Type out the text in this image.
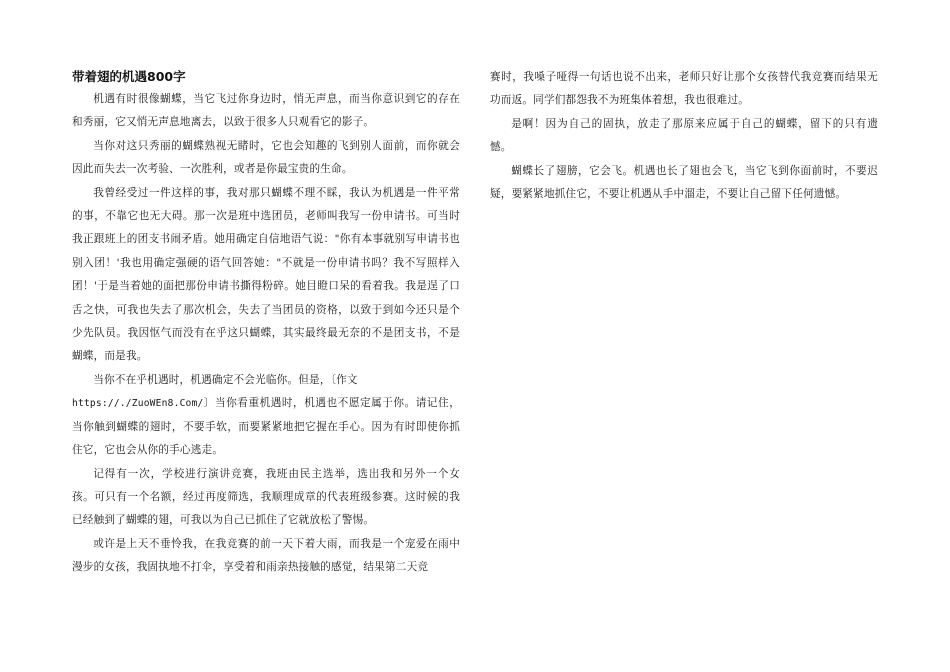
带着翅的机遇800字

机遇有时很像蝴蝶，当它飞过你身边时，悄无声息，而当你意识到它的存在和秀丽，它又悄无声息地离去，以致于很多人只观看它的影子。

当你对这只秀丽的蝴蝶熟视无睹时，它也会知趣的飞到别人面前，而你就会因此而失去一次考验、一次胜利，或者是你最宝贵的生命。

我曾经受过一件这样的事，我对那只蝴蝶不理不睬，我认为机遇是一件平常的事，不靠它也无大碍。那一次是班中选团员，老师叫我写一份申请书。可当时我正跟班上的团支书闹矛盾。她用确定自信地语气说："你有本事就别写申请书也别入团！'我也用确定强硬的语气回答她："不就是一份申请书吗？我不写照样入团！'于是当着她的面把那份申请书撕得粉碎。她目瞪口呆的看着我。我是逞了口舌之快，可我也失去了那次机会，失去了当团员的资格，以致于到如今还只是个少先队员。我因怄气而没有在乎这只蝴蝶，其实最终最无奈的不是团支书，不是蝴蝶，而是我。

当你不在乎机遇时，机遇确定不会光临你。但是，〔作文
https://./ZuoWEn8.Com/〕当你看重机遇时，机遇也不愿定属于你。请记住，当你触到蝴蝶的翅时，不要手软，而要紧紧地把它握在手心。因为有时即使你抓住它，它也会从你的手心逃走。

记得有一次，学校进行演讲竞赛，我班由民主选举，选出我和另外一个女孩。可只有一个名额，经过再度筛选，我顺理成章的代表班级参赛。这时候的我已经触到了蝴蝶的翅，可我以为自己已抓住了它就放松了警惕。

或许是上天不垂怜我，在我竞赛的前一天下着大雨，而我是一个宠爱在雨中漫步的女孩，我固执地不打伞，享受着和雨亲热接触的感觉，结果第二天竞

赛时，我嗓子哑得一句话也说不出来，老师只好让那个女孩替代我竞赛而结果无功而返。同学们都怨我不为班集体着想，我也很难过。

是啊！因为自己的固执，放走了那原来应属于自己的蝴蝶，留下的只有遗憾。

蝴蝶长了翅膀，它会飞。机遇也长了翅也会飞，当它飞到你面前时，不要迟疑，要紧紧地抓住它，不要让机遇从手中溜走，不要让自己留下任何遗憾。
